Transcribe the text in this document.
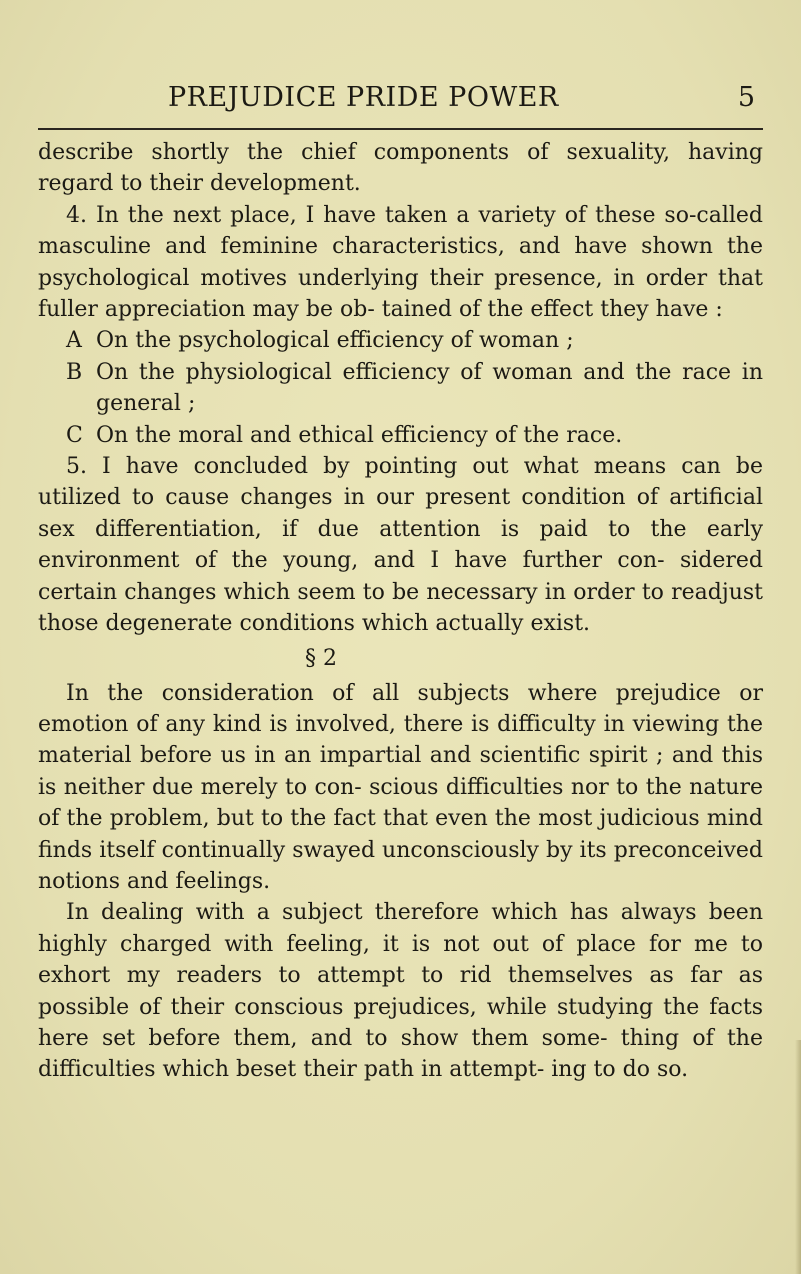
PREJUDICE PRIDE POWER	5

describe shortly the chief components of sexuality, having regard to their development.

4. In the next place, I have taken a variety of these so-called masculine and feminine characteristics, and have shown the psychological motives underlying their presence, in order that fuller appreciation may be ob- tained of the effect they have :

A On the psychological efficiency of woman ;

B On the physiological efficiency of woman and the race in general ;

C On the moral and ethical efficiency of the race.

5. I have concluded by pointing out what means can be utilized to cause changes in our present condition of artificial sex differentiation, if due attention is paid to the early environment of the young, and I have further con- sidered certain changes which seem to be necessary in order to readjust those degenerate conditions which actually exist.

§ 2

In the consideration of all subjects where prejudice or emotion of any kind is involved, there is difficulty in viewing the material before us in an impartial and scientific spirit ; and this is neither due merely to con- scious difficulties nor to the nature of the problem, but to the fact that even the most judicious mind finds itself continually swayed unconsciously by its preconceived notions and feelings.

In dealing with a subject therefore which has always been highly charged with feeling, it is not out of place for me to exhort my readers to attempt to rid themselves as far as possible of their conscious prejudices, while studying the facts here set before them, and to show them some- thing of the difficulties which beset their path in attempt- ing to do so.
